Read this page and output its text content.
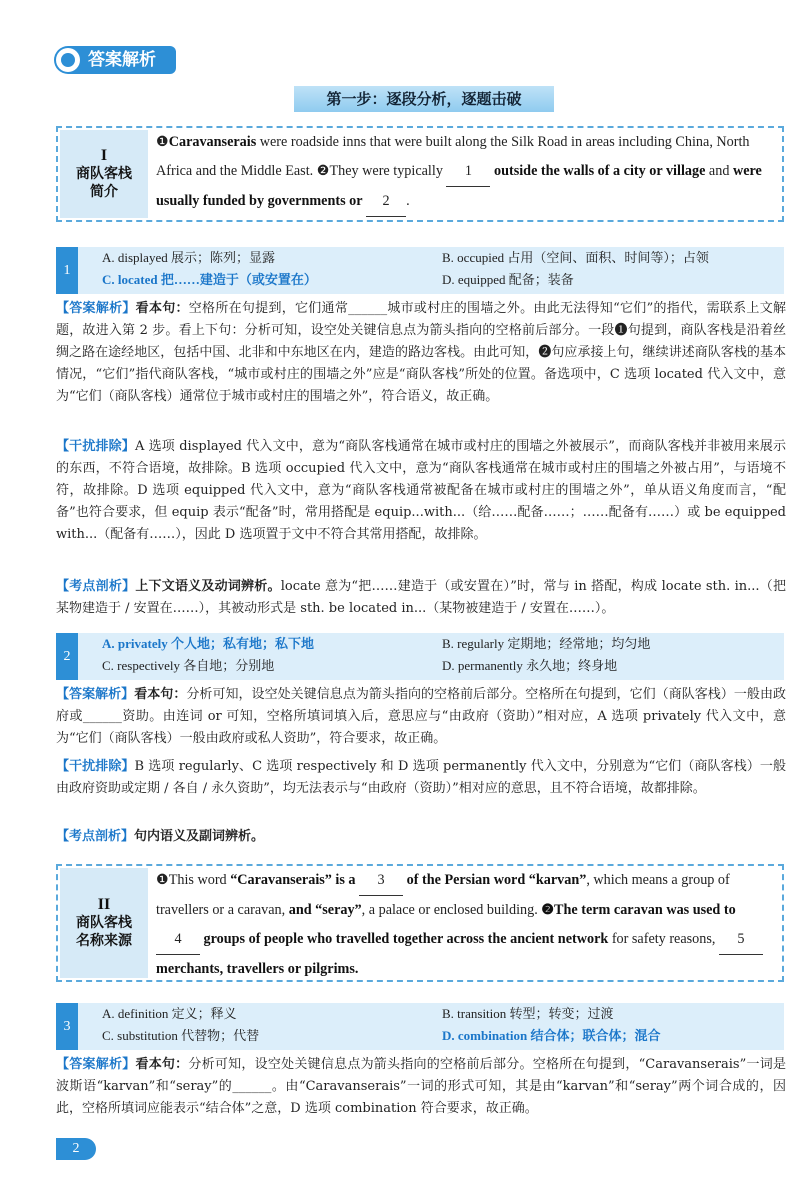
答案解析
第一步：逐段分析，逐题击破
I
商队客栈简介
❶Caravanserais were roadside inns that were built along the Silk Road in areas including China, North Africa and the Middle East. ❷They were typically 1 outside the walls of a city or village and were usually funded by governments or 2 .
1
A. displayed 展示；陈列；显露	B. occupied 占用（空间、面积、时间等）；占领
C. located 把……建造于（或安置在）	D. equipped 配备；装备
【答案解析】看本句：空格所在句提到，它们通常______城市或村庄的围墙之外。由此无法得知“它们”的指代，需联系上文解题，故进入第 2 步。看上下句：分析可知，设空处关键信息点为箭头指向的空格前后部分。一段❶句提到，商队客栈是沿着丝绸之路在途经地区，包括中国、北非和中东地区在内，建造的路边客栈。由此可知，❷句应承接上句，继续讲述商队客栈的基本情况，“它们”指代商队客栈，“城市或村庄的围墙之外”应是“商队客栈”所处的位置。备选项中，C 选项 located 代入文中，意为“它们（商队客栈）通常位于城市或村庄的围墙之外”，符合语义，故正确。
【干扰排除】A 选项 displayed 代入文中，意为“商队客栈通常在城市或村庄的围墙之外被展示”，而商队客栈并非被用来展示的东西，不符合语境，故排除。B 选项 occupied 代入文中，意为“商队客栈通常在城市或村庄的围墙之外被占用”，与语境不符，故排除。D 选项 equipped 代入文中，意为“商队客栈通常被配备在城市或村庄的围墙之外”，单从语义角度而言，“配备”也符合要求，但 equip 表示“配备”时，常用搭配是 equip...with...（给……配备……；……配备有……）或 be equipped with...（配备有……），因此 D 选项置于文中不符合其常用搭配，故排除。
【考点剖析】上下文语义及动词辨析。locate 意为“把……建造于（或安置在）”时，常与 in 搭配，构成 locate sth. in...（把某物建造于 / 安置在……），其被动形式是 sth. be located in...（某物被建造于 / 安置在……）。
2
A. privately 个人地；私有地；私下地	B. regularly 定期地；经常地；均匀地
C. respectively 各自地；分别地	D. permanently 永久地；终身地
【答案解析】看本句：分析可知，设空处关键信息点为箭头指向的空格前后部分。空格所在句提到，它们（商队客栈）一般由政府或______资助。由连词 or 可知，空格所填词填入后，意思应与“由政府（资助）”相对应，A 选项 privately 代入文中，意为“它们（商队客栈）一般由政府或私人资助”，符合要求，故正确。
【干扰排除】B 选项 regularly、C 选项 respectively 和 D 选项 permanently 代入文中，分别意为“它们（商队客栈）一般由政府资助或定期 / 各自 / 永久资助”，均无法表示与“由政府（资助）”相对应的意思，且不符合语境，故都排除。
【考点剖析】句内语义及副词辨析。
II
商队客栈名称来源
❶This word “Caravanserais” is a 3 of the Persian word “karvan”, which means a group of travellers or a caravan, and “seray”, a palace or enclosed building. ❷The term caravan was used to 4 groups of people who travelled together across the ancient network for safety reasons, 5 merchants, travellers or pilgrims.
3
A. definition 定义；释义	B. transition 转型；转变；过渡
C. substitution 代替物；代替	D. combination 结合体；联合体；混合
【答案解析】看本句：分析可知，设空处关键信息点为箭头指向的空格前后部分。空格所在句提到，“Caravanserais”一词是波斯语“karvan”和“seray”的______。由“Caravanserais”一词的形式可知，其是由“karvan”和“seray”两个词合成的，因此，空格所填词应能表示“结合体”之意，D 选项 combination 符合要求，故正确。
2
